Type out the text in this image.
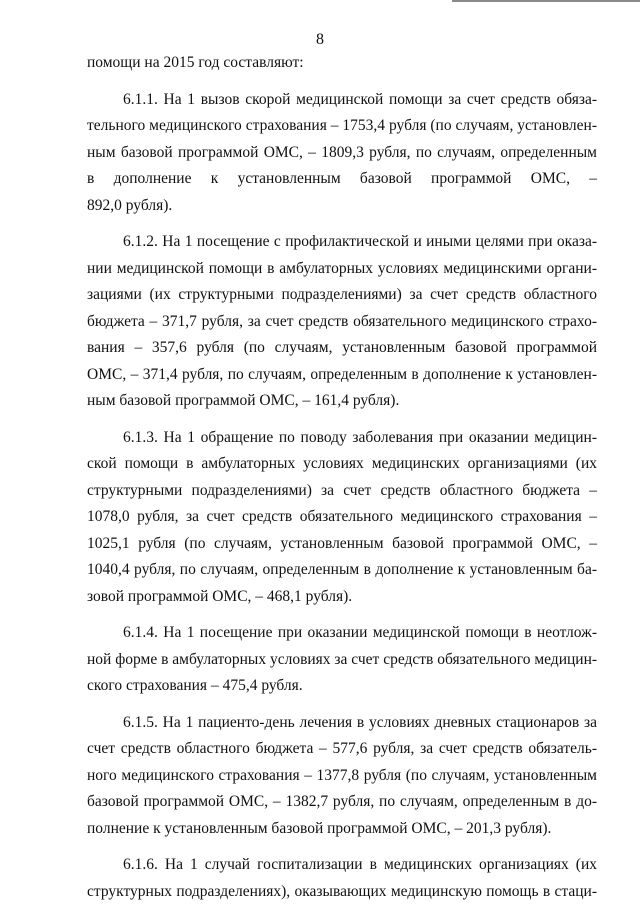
8
помощи на 2015 год составляют:
6.1.1. На 1 вызов скорой медицинской помощи за счет средств обяза-
тельного медицинского страхования – 1753,4 рубля (по случаям, установлен-
ным базовой программой ОМС, – 1809,3 рубля, по случаям, определенным
в дополнение к установленным базовой программой ОМС, –
892,0 рубля).
6.1.2. На 1 посещение с профилактической и иными целями при оказа-
нии медицинской помощи в амбулаторных условиях медицинскими органи-
зациями (их структурными подразделениями) за счет средств областного
бюджета – 371,7 рубля, за счет средств обязательного медицинского страхо-
вания – 357,6 рубля (по случаям, установленным базовой программой
ОМС, – 371,4 рубля, по случаям, определенным в дополнение к установлен-
ным базовой программой ОМС, – 161,4 рубля).
6.1.3. На 1 обращение по поводу заболевания при оказании медицин-
ской помощи в амбулаторных условиях медицинских организациями (их
структурными подразделениями) за счет средств областного бюджета –
1078,0 рубля, за счет средств обязательного медицинского страхования –
1025,1 рубля (по случаям, установленным базовой программой ОМС, –
1040,4 рубля, по случаям, определенным в дополнение к установленным ба-
зовой программой ОМС, – 468,1 рубля).
6.1.4. На 1 посещение при оказании медицинской помощи в неотлож-
ной форме в амбулаторных условиях за счет средств обязательного медицин-
ского страхования – 475,4 рубля.
6.1.5. На 1 пациенто-день лечения в условиях дневных стационаров за
счет средств областного бюджета – 577,6 рубля, за счет средств обязатель-
ного медицинского страхования – 1377,8 рубля (по случаям, установленным
базовой программой ОМС, – 1382,7 рубля, по случаям, определенным в до-
полнение к установленным базовой программой ОМС, – 201,3 рубля).
6.1.6. На 1 случай госпитализации в медицинских организациях (их
структурных подразделениях), оказывающих медицинскую помощь в стаци-
